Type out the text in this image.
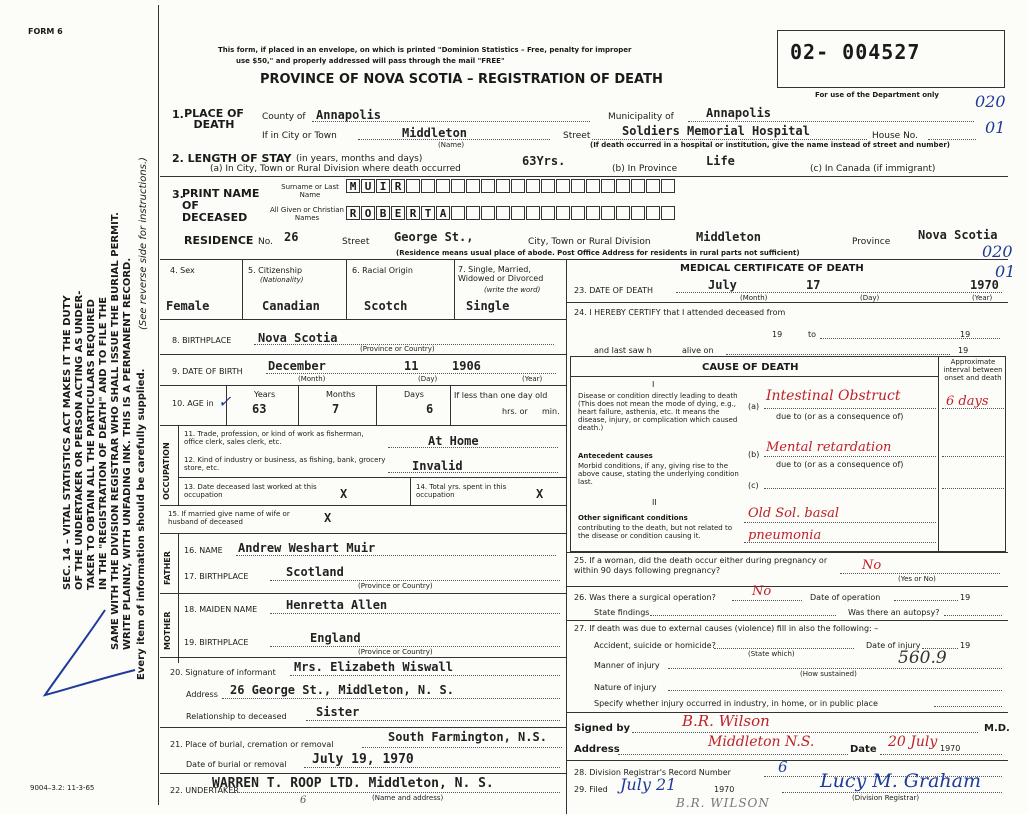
FORM 6
SEC. 14 – VITAL STATISTICS ACT MAKES IT THE DUTY OF THE UNDERTAKER OR PERSON ACTING AS UNDER- TAKER TO OBTAIN ALL THE PARTICULARS REQUIRED IN THE "REGISTRATION OF DEATH" AND TO FILE THE SAME WITH THE DIVISION REGISTRAR WHO SHALL ISSUE THE BURIAL PERMIT. WRITE PLAINLY, WITH UNFADING INK. THIS IS A PERMANENT RECORD. Every item of information should be carefully supplied.
(See reverse side for instructions.)
9004–3.2: 11-3-65
This form, if placed in an envelope, on which is printed "Dominion Statistics – Free, penalty for improper
use $50," and properly addressed will pass through the mail "FREE"
PROVINCE OF NOVA SCOTIA – REGISTRATION OF DEATH
02- 004527
For use of the Department only 020
01
020
01
1. PLACE OF DEATH
County of Annapolis	Municipality of	Annapolis
If in City or Town	Middleton
(Name)
Street	Soldiers Memorial Hospital	House No.
(If death occurred in a hospital or institution, give the name instead of street and number)
2. LENGTH OF STAY (in years, months and days)
(a) In City, Town or Rural Division where death occurred
63Yrs.
(b) In Province
Life
(c) In Canada (if immigrant)
3.
PRINT NAME OF DECEASED
Surname or Last Name
All Given or Christian Names
M U I R
R O B E R T A
RESIDENCE No. 26	Street George St.,	City, Town or Rural Division	Middleton	Province Nova Scotia
(Residence means usual place of abode. Post Office Address for residents in rural parts not sufficient)
4. Sex	5. Citizenship
(Nationality)
6. Racial Origin	7. Single, Married, Widowed or Divorced
(write the word)
Female	Canadian	Scotch	Single
8. BIRTHPLACE Nova Scotia
(Province or Country)
9. DATE OF BIRTH December	11	1906
(Month)	(Day)	(Year)
10. AGE in ✓	Years	Months	Days
63	7	6
If less than one day old
hrs. or min.
OCCUPATION
11. Trade, profession, or kind of work as fisherman, office clerk, sales clerk, etc.	At Home
12. Kind of industry or business, as fishing, bank, grocery store, etc.	Invalid
13. Date deceased last worked at this occupation	X	14. Total yrs. spent in this occupation	X
15. If married give name of wife or husband of deceased	X
FATHER
16. NAME Andrew Weshart Muir
17. BIRTHPLACE	Scotland
(Province or Country)
MOTHER
18. MAIDEN NAME Henretta Allen
19. BIRTHPLACE	England
(Province or Country)
20. Signature of informant Mrs. Elizabeth Wiswall
Address 26 George St., Middleton, N. S.
Relationship to deceased Sister
21. Place of burial, cremation or removal
South Farmington, N.S.
Date of burial or removal July 19, 1970
22. UNDERTAKER
WARREN T. ROOP LTD. Middleton, N. S.
(Name and address)
6
MEDICAL CERTIFICATE OF DEATH
23. DATE OF DEATH	July	17	1970
(Month)	(Day)	(Year)
24. I HEREBY CERTIFY that I attended deceased from
19	to	19
and last saw h	alive on	19
CAUSE OF DEATH	Approximate interval between onset and death
I
Disease or condition directly leading to death (This does not mean the mode of dying, e.g., heart failure, asthenia, etc. It means the disease, injury, or complication which caused death.)
(a)
Intestinal Obstruct	6 days
due to (or as a consequence of)
Antecedent causes
Morbid conditions, if any, giving rise to the above cause, stating the underlying condition last.
(b) Mental retardation
due to (or as a consequence of)
(c)
II
Other significant conditions
contributing to the death, but not related to the disease or condition causing it.
Old Sol. basal
pneumonia
25. If a woman, did the death occur either during pregnancy or within 90 days following pregnancy?	No
(Yes or No)
26. Was there a surgical operation?	No	Date of operation	19
State findings	Was there an autopsy?
27. If death was due to external causes (violence) fill in also the following: –
Accident, suicide or homicide?
(State which)
Date of injury	19
Manner of injury	560.9
(How sustained)
Nature of injury
Specify whether injury occurred in industry, in home, or in public place
Signed by	B.R. Wilson	M.D.
Address	Middleton N.S.	Date 20 July 1970
28. Division Registrar's Record Number	6
29. Filed July 21	1970	Lucy M. Graham
(Division Registrar)
B.R. WILSON
